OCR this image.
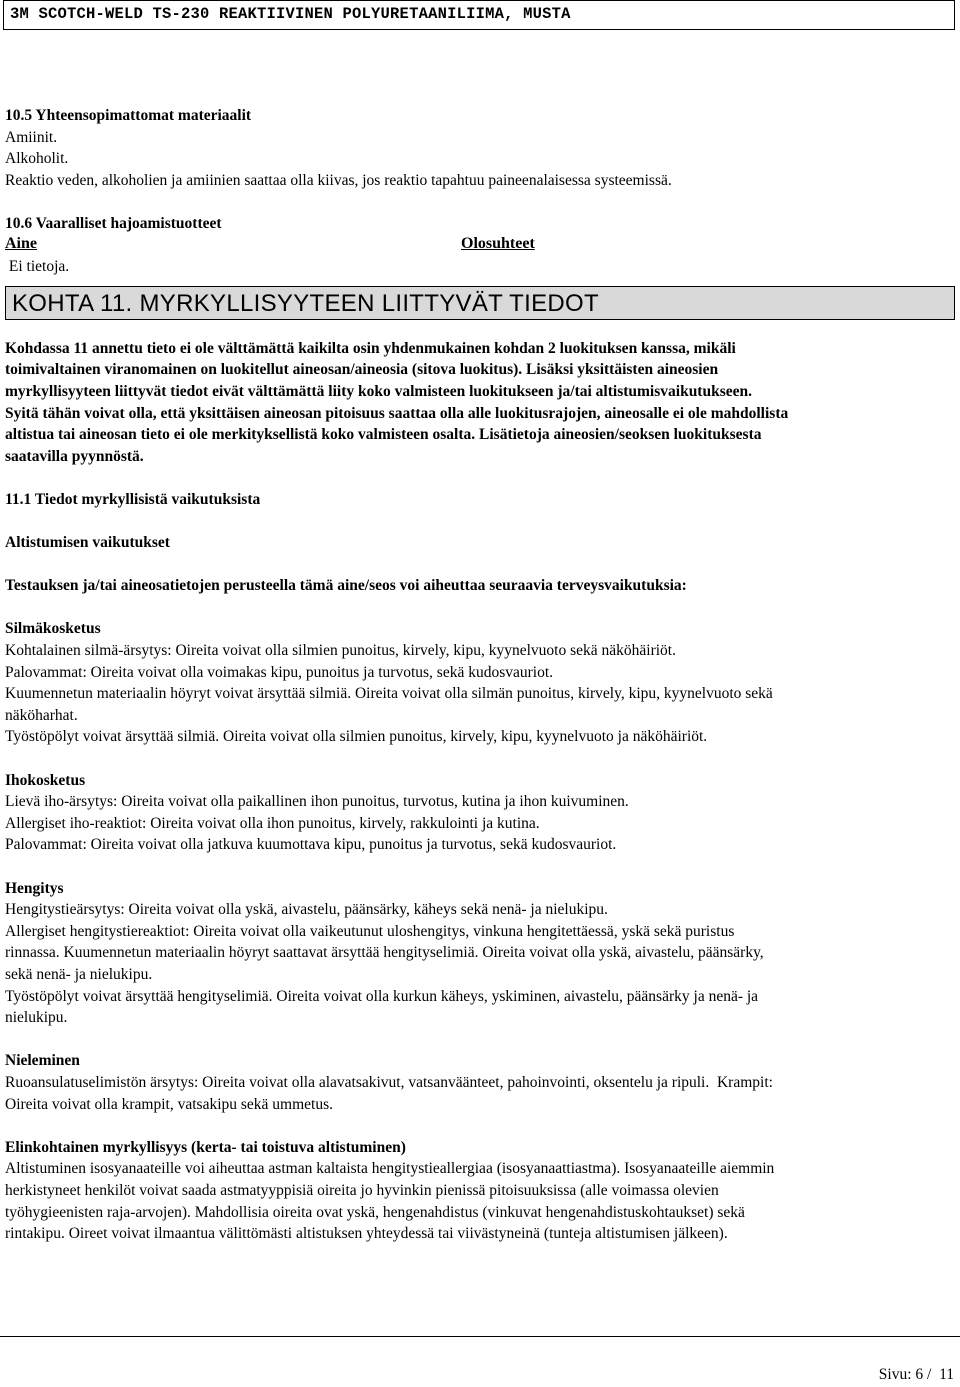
3M SCOTCH-WELD TS-230 REAKTIIVINEN POLYURETAANILIIMA, MUSTA
10.5 Yhteensopimattomat materiaalit
Amiinit.
Alkoholit.
Reaktio veden, alkoholien ja amiinien saattaa olla kiivas, jos reaktio tapahtuu paineenalaisessa systeemissä.
10.6 Vaaralliset hajoamistuotteet
Aine	Olosuhteet
Ei tietoja.
KOHTA 11. MYRKYLLISYYTEEN LIITTYVÄT TIEDOT
Kohdassa 11 annettu tieto ei ole välttämättä kaikilta osin yhdenmukainen kohdan 2 luokituksen kanssa, mikäli
toimivaltainen viranomainen on luokitellut aineosan/aineosia (sitova luokitus). Lisäksi yksittäisten aineosien
myrkyllisyyteen liittyvät tiedot eivät välttämättä liity koko valmisteen luokitukseen ja/tai altistumisvaikutukseen.
Syitä tähän voivat olla, että yksittäisen aineosan pitoisuus saattaa olla alle luokitusrajojen, aineosalle ei ole mahdollista
altistua tai aineosan tieto ei ole merkityksellistä koko valmisteen osalta. Lisätietoja aineosien/seoksen luokituksesta
saatavilla pyynnöstä.
11.1 Tiedot myrkyllisistä vaikutuksista
Altistumisen vaikutukset
Testauksen ja/tai aineosatietojen perusteella tämä aine/seos voi aiheuttaa seuraavia terveysvaikutuksia:
Silmäkosketus
Kohtalainen silmä-ärsytys: Oireita voivat olla silmien punoitus, kirvely, kipu, kyynelvuoto sekä näköhäiriöt.
Palovammat: Oireita voivat olla voimakas kipu, punoitus ja turvotus, sekä kudosvauriot.
Kuumennetun materiaalin höyryt voivat ärsyttää silmiä. Oireita voivat olla silmän punoitus, kirvely, kipu, kyynelvuoto sekä
näköharhat.
Työstöpölyt voivat ärsyttää silmiä. Oireita voivat olla silmien punoitus, kirvely, kipu, kyynelvuoto ja näköhäiriöt.
Ihokosketus
Lievä iho-ärsytys: Oireita voivat olla paikallinen ihon punoitus, turvotus, kutina ja ihon kuivuminen.
Allergiset iho-reaktiot: Oireita voivat olla ihon punoitus, kirvely, rakkulointi ja kutina.
Palovammat: Oireita voivat olla jatkuva kuumottava kipu, punoitus ja turvotus, sekä kudosvauriot.
Hengitys
Hengitystieärsytys: Oireita voivat olla yskä, aivastelu, päänsärky, käheys sekä nenä- ja nielukipu.
Allergiset hengitystiereaktiot: Oireita voivat olla vaikeutunut uloshengitys, vinkuna hengitettäessä, yskä sekä puristus
rinnassa. Kuumennetun materiaalin höyryt saattavat ärsyttää hengityselimiä. Oireita voivat olla yskä, aivastelu, päänsärky,
sekä nenä- ja nielukipu.
Työstöpölyt voivat ärsyttää hengityselimiä. Oireita voivat olla kurkun käheys, yskiminen, aivastelu, päänsärky ja nenä- ja
nielukipu.
Nieleminen
Ruoansulatuselimistön ärsytys: Oireita voivat olla alavatsakivut, vatsanväänteet, pahoinvointi, oksentelu ja ripuli.  Krampit:
Oireita voivat olla krampit, vatsakipu sekä ummetus.
Elinkohtainen myrkyllisyys (kerta- tai toistuva altistuminen)
Altistuminen isosyanaateille voi aiheuttaa astman kaltaista hengitystieallergiaa (isosyanaattiastma). Isosyanaateille aiemmin
herkistyneet henkilöt voivat saada astmatyyppisiä oireita jo hyvinkin pienissä pitoisuuksissa (alle voimassa olevien
työhygieenisten raja-arvojen). Mahdollisia oireita ovat yskä, hengenahdistus (vinkuvat hengenahdistuskohtaukset) sekä
rintakipu. Oireet voivat ilmaantua välittömästi altistuksen yhteydessä tai viivästyneinä (tunteja altistumisen jälkeen).
Sivu: 6 /  11
